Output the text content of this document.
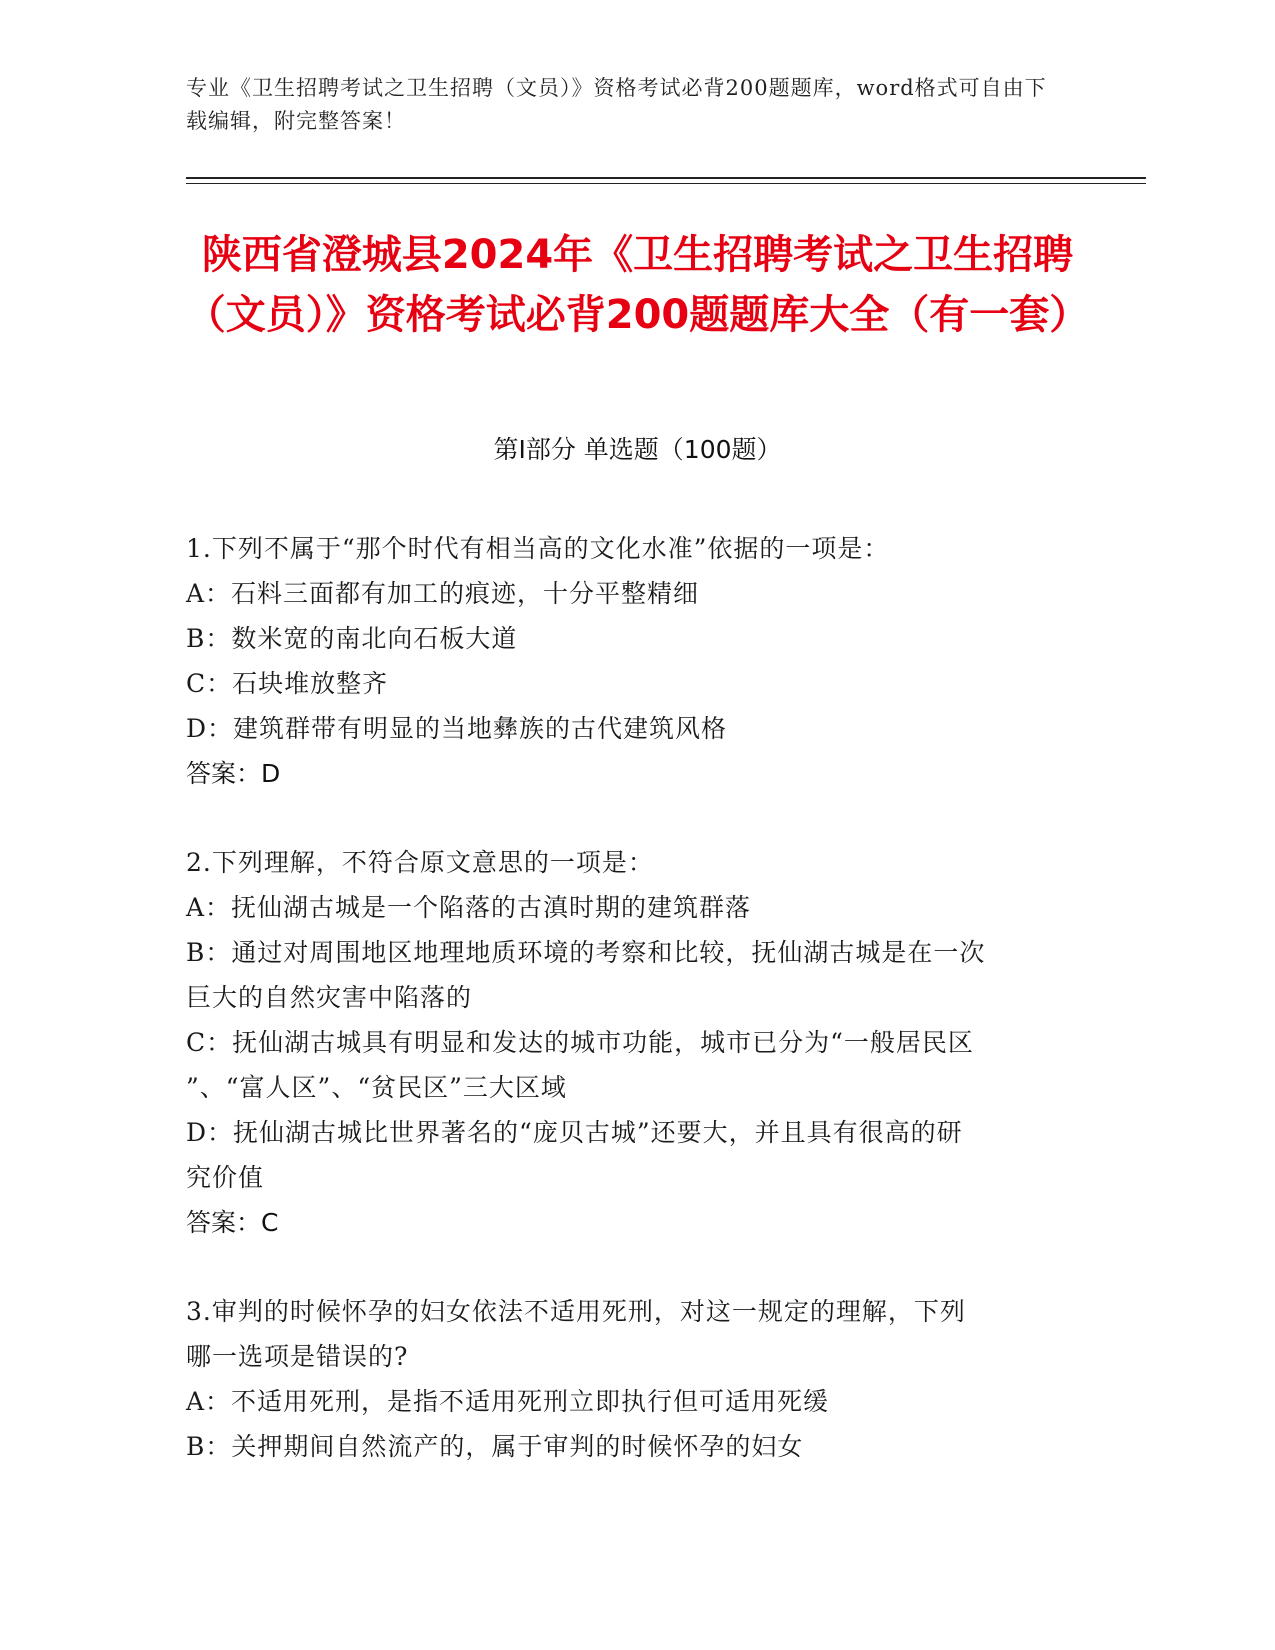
专业《卫生招聘考试之卫生招聘（文员）》资格考试必背200题题库，word格式可自由下载编辑，附完整答案！
陕西省澄城县2024年《卫生招聘考试之卫生招聘（文员）》资格考试必背200题题库大全（有一套）
第Ⅰ部分 单选题（100题）

1.下列不属于“那个时代有相当高的文化水准”依据的一项是：

A：石料三面都有加工的痕迹，十分平整精细

B：数米宽的南北向石板大道

C：石块堆放整齐

D：建筑群带有明显的当地彝族的古代建筑风格

答案：D

2.下列理解，不符合原文意思的一项是：

A：抚仙湖古城是一个陷落的古滇时期的建筑群落

B：通过对周围地区地理地质环境的考察和比较，抚仙湖古城是在一次

巨大的自然灾害中陷落的

C：抚仙湖古城具有明显和发达的城市功能，城市已分为“一般居民区

”、“富人区”、“贫民区”三大区域

D：抚仙湖古城比世界著名的“庞贝古城”还要大，并且具有很高的研

究价值

答案：C

3.审判的时候怀孕的妇女依法不适用死刑，对这一规定的理解，下列

哪一选项是错误的?

A：不适用死刑，是指不适用死刑立即执行但可适用死缓

B：关押期间自然流产的，属于审判的时候怀孕的妇女
